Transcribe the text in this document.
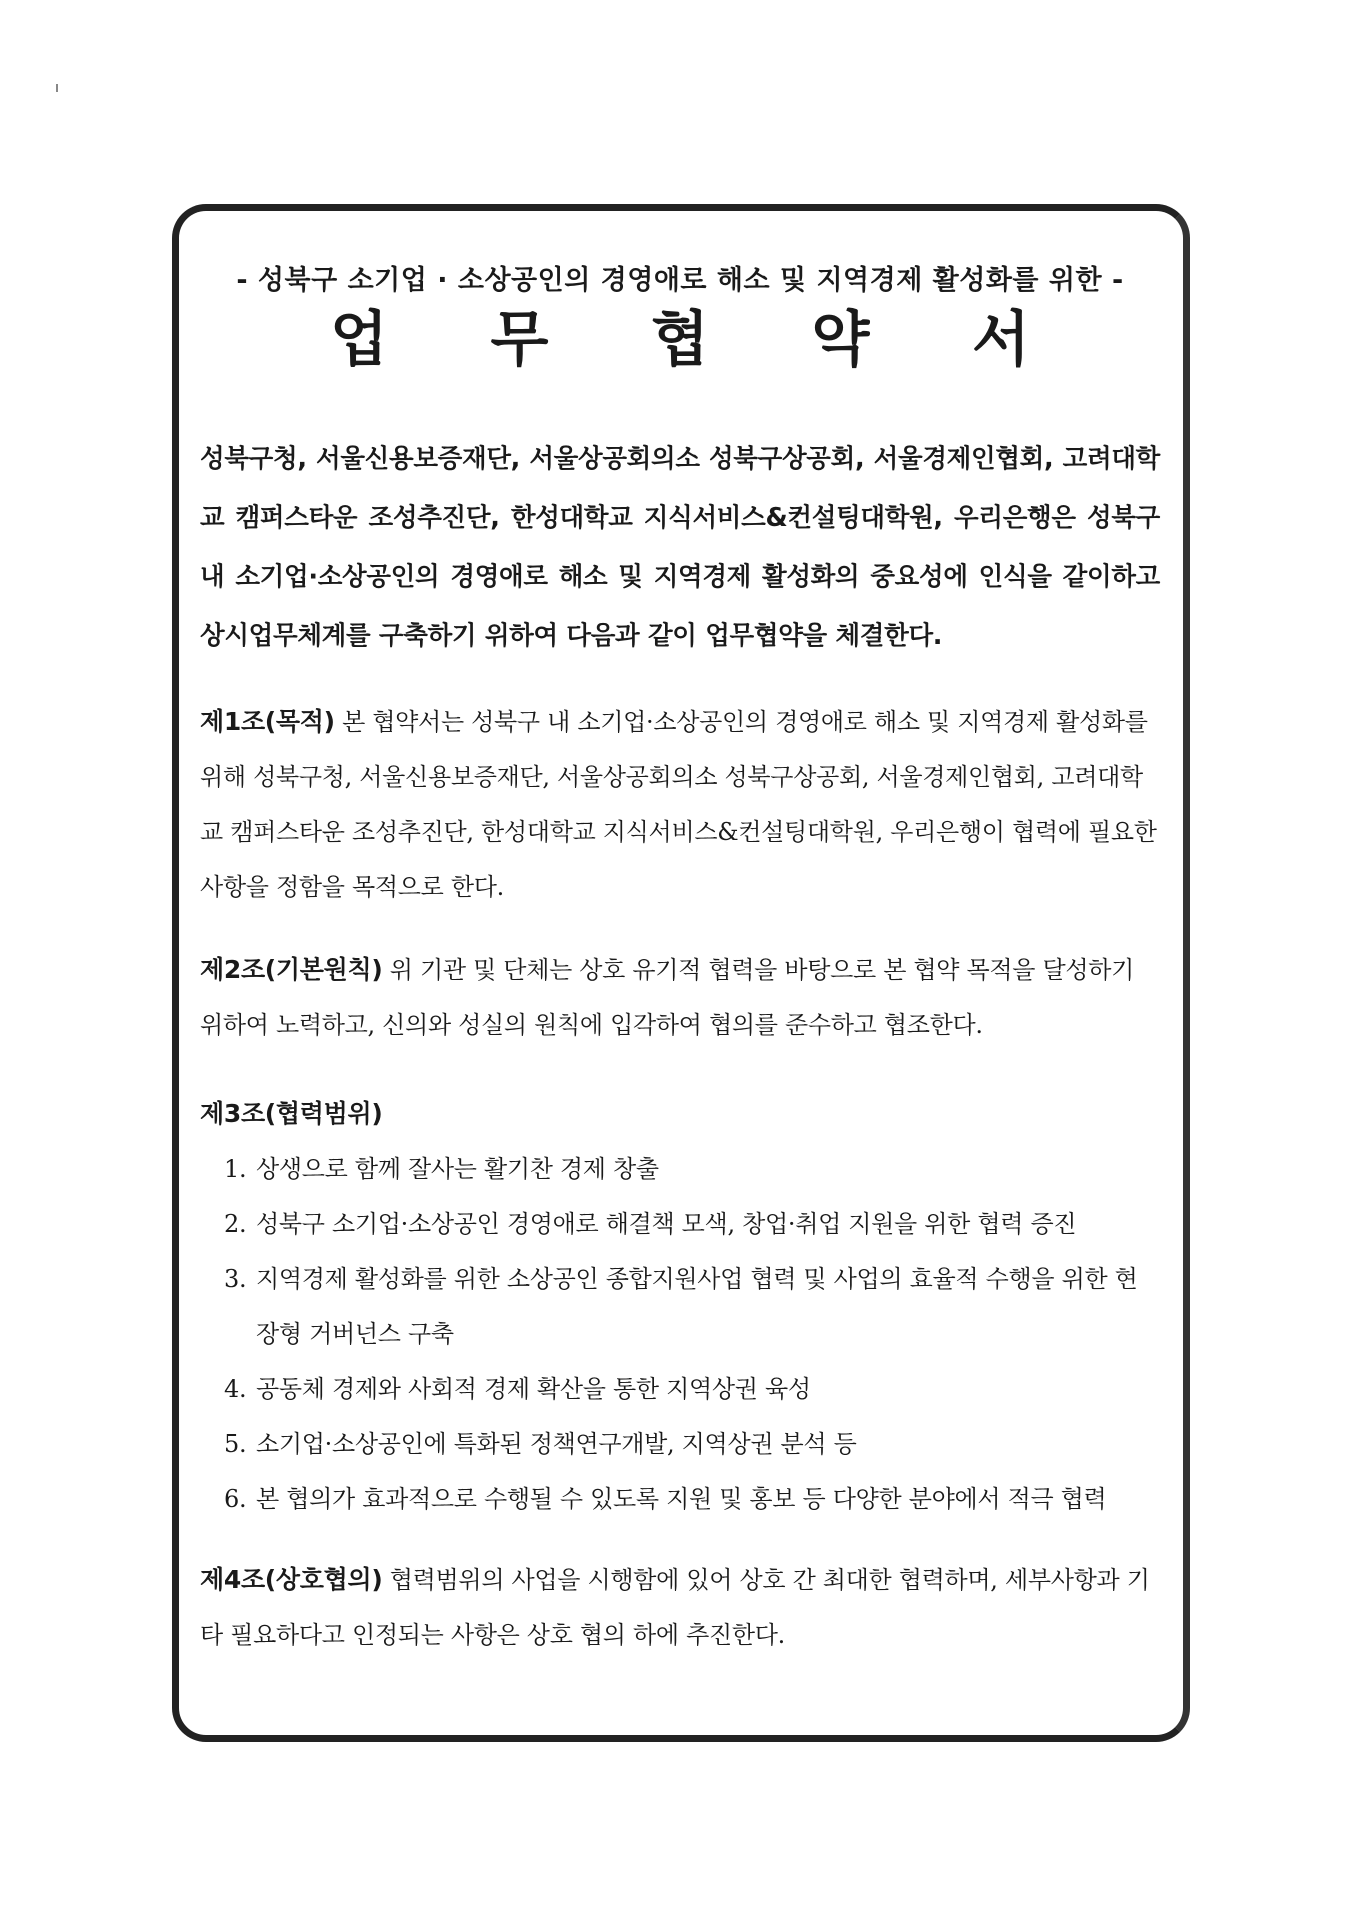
- 성북구 소기업 · 소상공인의 경영애로 해소 및 지역경제 활성화를 위한 -
업 무 협 약 서
성북구청, 서울신용보증재단, 서울상공회의소 성북구상공회, 서울경제인협회, 고려대학교 캠퍼스타운 조성추진단, 한성대학교 지식서비스&컨설팅대학원, 우리은행은 성북구 내 소기업·소상공인의 경영애로 해소 및 지역경제 활성화의 중요성에 인식을 같이하고 상시업무체계를 구축하기 위하여 다음과 같이 업무협약을 체결한다.

제1조(목적) 본 협약서는 성북구 내 소기업·소상공인의 경영애로 해소 및 지역경제 활성화를 위해 성북구청, 서울신용보증재단, 서울상공회의소 성북구상공회, 서울경제인협회, 고려대학교 캠퍼스타운 조성추진단, 한성대학교 지식서비스&컨설팅대학원, 우리은행이 협력에 필요한 사항을 정함을 목적으로 한다.

제2조(기본원칙) 위 기관 및 단체는 상호 유기적 협력을 바탕으로 본 협약 목적을 달성하기 위하여 노력하고, 신의와 성실의 원칙에 입각하여 협의를 준수하고 협조한다.

제3조(협력범위)

1. 상생으로 함께 잘사는 활기찬 경제 창출
2. 성북구 소기업·소상공인 경영애로 해결책 모색, 창업·취업 지원을 위한 협력 증진
3. 지역경제 활성화를 위한 소상공인 종합지원사업 협력 및 사업의 효율적 수행을 위한 현장형 거버넌스 구축
4. 공동체 경제와 사회적 경제 확산을 통한 지역상권 육성
5. 소기업·소상공인에 특화된 정책연구개발, 지역상권 분석 등
6. 본 협의가 효과적으로 수행될 수 있도록 지원 및 홍보 등 다양한 분야에서 적극 협력

제4조(상호협의) 협력범위의 사업을 시행함에 있어 상호 간 최대한 협력하며, 세부사항과 기타 필요하다고 인정되는 사항은 상호 협의 하에 추진한다.
